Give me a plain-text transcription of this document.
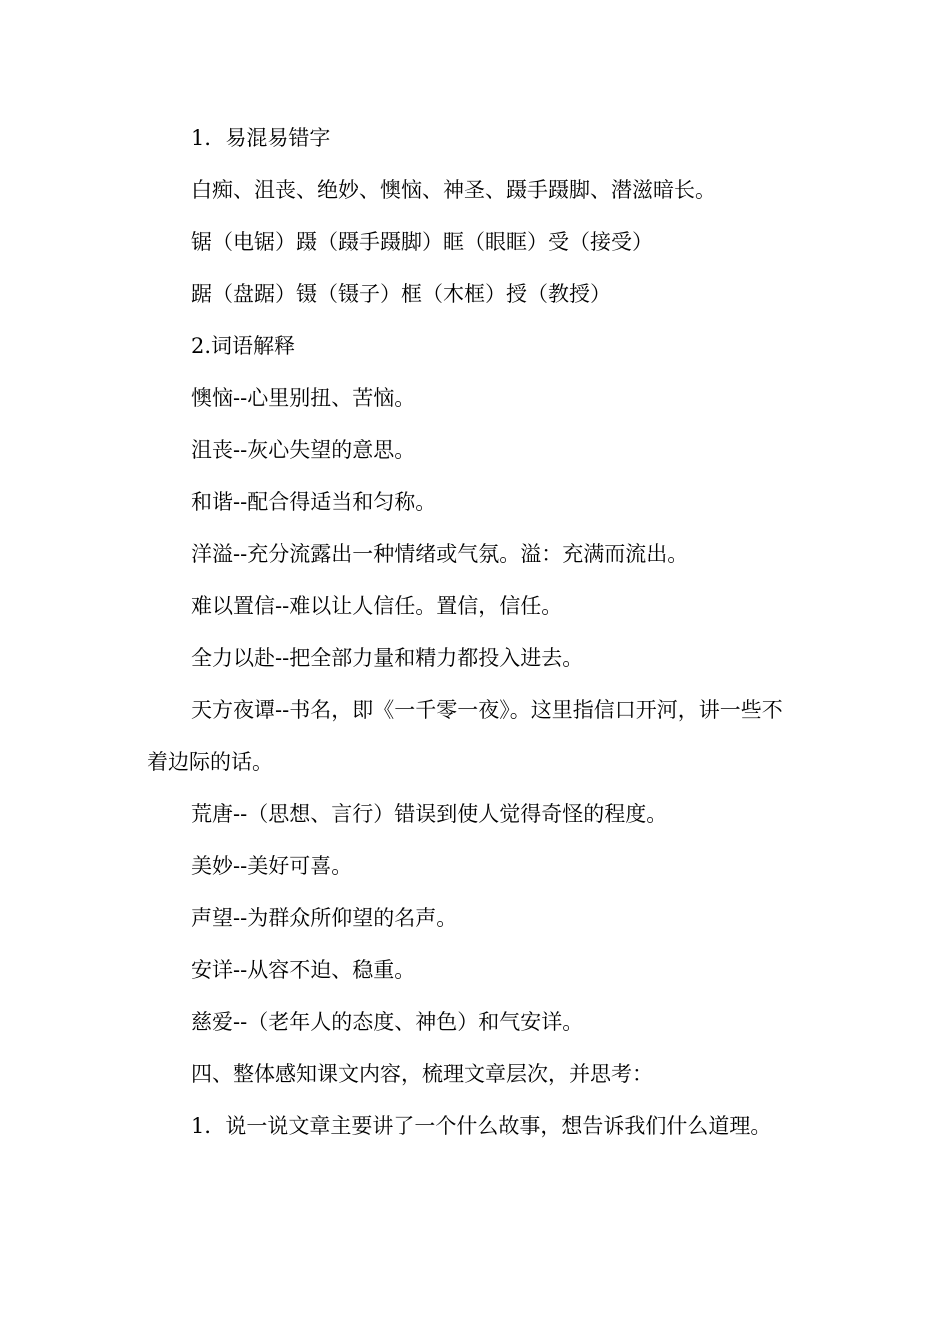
1．易混易错字

白痴、沮丧、绝妙、懊恼、神圣、蹑手蹑脚、潜滋暗长。

锯（电锯）蹑（蹑手蹑脚）眶（眼眶）受（接受）

踞（盘踞）镊（镊子）框（木框）授（教授）

2.词语解释

懊恼--心里别扭、苦恼。

沮丧--灰心失望的意思。

和谐--配合得适当和匀称。

洋溢--充分流露出一种情绪或气氛。溢：充满而流出。

难以置信--难以让人信任。置信，信任。

全力以赴--把全部力量和精力都投入进去。

天方夜谭--书名，即《一千零一夜》。这里指信口开河，讲一些不着边际的话。

荒唐--（思想、言行）错误到使人觉得奇怪的程度。

美妙--美好可喜。

声望--为群众所仰望的名声。

安详--从容不迫、稳重。

慈爱--（老年人的态度、神色）和气安详。

四、整体感知课文内容，梳理文章层次，并思考：

1．说一说文章主要讲了一个什么故事，想告诉我们什么道理。
